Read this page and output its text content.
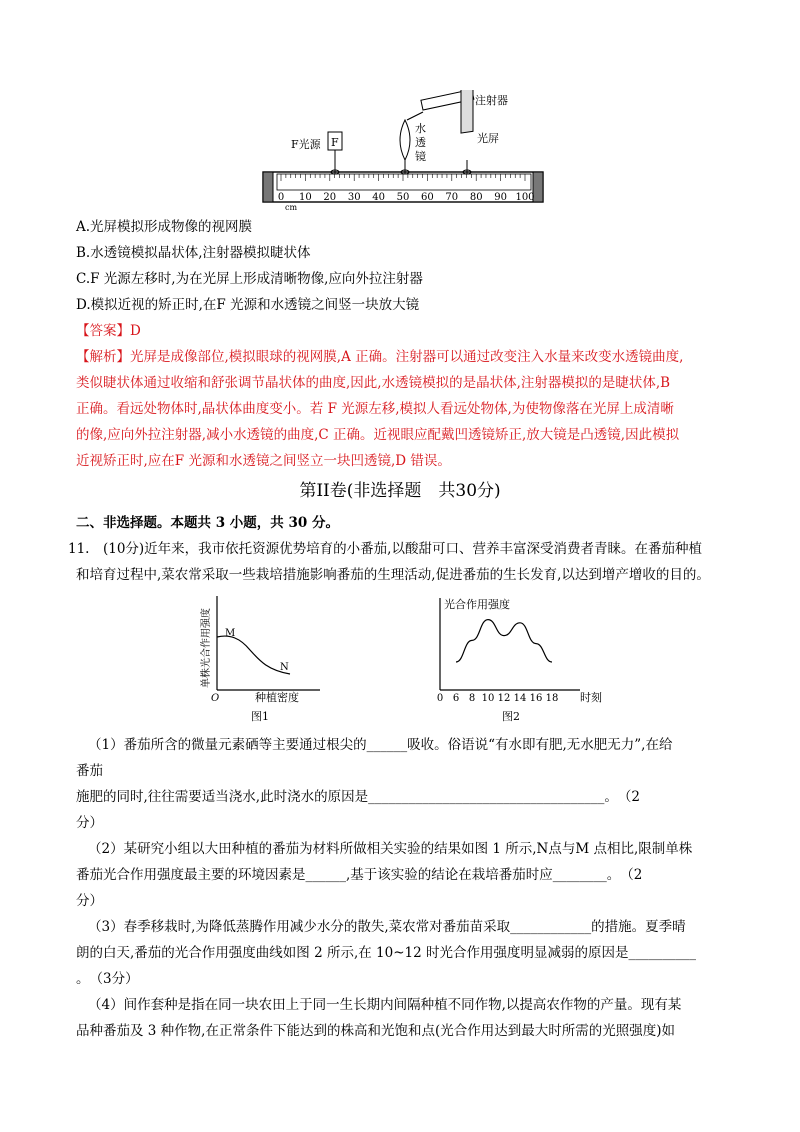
0 10 20 30 40 50 60 70 80 90 100
cm
F
F光源
水
透
镜
注射器
光屏
A.光屏模拟形成物像的视网膜
B.水透镜模拟晶状体,注射器模拟睫状体
C.F 光源左移时,为在光屏上形成清晰物像,应向外拉注射器
D.模拟近视的矫正时,在F 光源和水透镜之间竖一块放大镜
【答案】D
【解析】光屏是成像部位,模拟眼球的视网膜,A 正确。注射器可以通过改变注入水量来改变水透镜曲度,
类似睫状体通过收缩和舒张调节晶状体的曲度,因此,水透镜模拟的是晶状体,注射器模拟的是睫状体,B
正确。看远处物体时,晶状体曲度变小。若 F 光源左移,模拟人看远处物体,为使物像落在光屏上成清晰
的像,应向外拉注射器,减小水透镜的曲度,C 正确。近视眼应配戴凹透镜矫正,放大镜是凸透镜,因此模拟
近视矫正时,应在F 光源和水透镜之间竖立一块凹透镜,D 错误。
第II卷(非选择题　共30分)
二、非选择题。本题共 3 小题，共 30 分。
11.　(10分)近年来，我市依托资源优势培育的小番茄,以酸甜可口、营养丰富深受消费者青睐。在番茄种植
和培育过程中,菜农常采取一些栽培措施影响番茄的生理活动,促进番茄的生长发育,以达到增产增收的目的。
M
N
O	种植密度
单株光合作用强度
图1
0 6 8 10 12 14 16 18
光合作用强度
时刻
图2
（1）番茄所含的微量元素硒等主要通过根尖的______吸收。俗语说“有水即有肥,无水肥无力”,在给
番茄
施肥的同时,往往需要适当浇水,此时浇水的原因是___________________________________。　（2
分）
（2）某研究小组以大田种植的番茄为材料所做相关实验的结果如图 1 所示,N点与M 点相比,限制单株
番茄光合作用强度最主要的环境因素是______,基于该实验的结论在栽培番茄时应________。　（2
分）
（3）春季移栽时,为降低蒸腾作用减少水分的散失,菜农常对番茄苗采取____________的措施。夏季晴
朗的白天,番茄的光合作用强度曲线如图 2 所示,在 10~12 时光合作用强度明显减弱的原因是__________
。　（3分）
（4）间作套种是指在同一块农田上于同一生长期内间隔种植不同作物,以提高农作物的产量。现有某
品种番茄及 3 种作物,在正常条件下能达到的株高和光饱和点(光合作用达到最大时所需的光照强度)如
